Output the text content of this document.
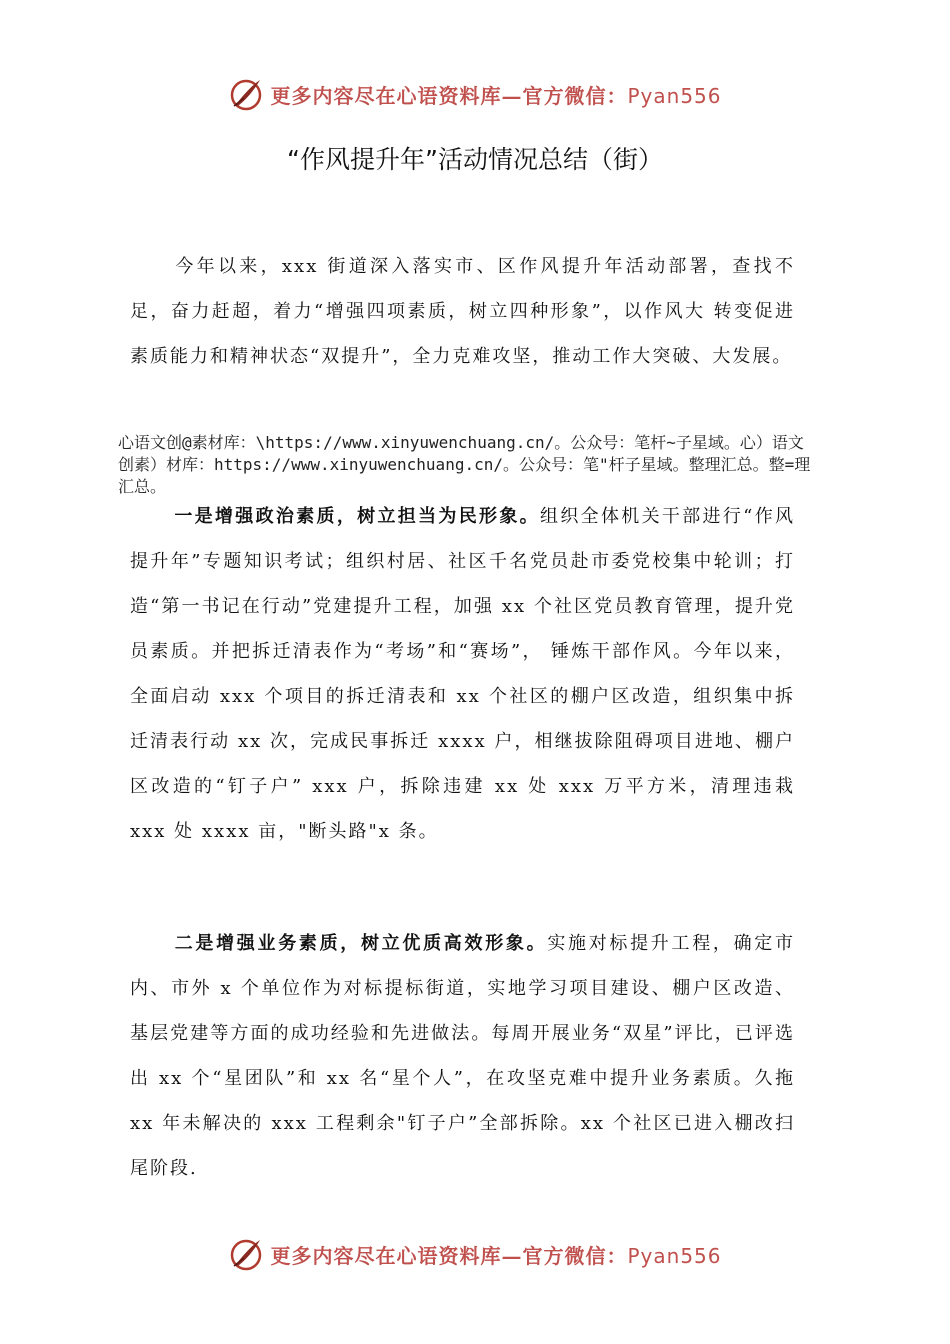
更多内容尽在心语资料库—官方微信：Pyan556
“作风提升年”活动情况总结（街）

今年以来，xxx 街道深入落实市、区作风提升年活动部署，查找不足，奋力赶超，着力“增强四项素质，树立四种形象”，以作风大 转变促进素质能力和精神状态“双提升”，全力克难攻坚，推动工作大突破、大发展。

心语文创@素材库：\https://www.xinyuwenchuang.cn/。公众号：笔杆~子星域。心）语文创素）材库：https://www.xinyuwenchuang.cn/。公众号：笔"杆子星域。整理汇总。整=理汇总。

一是增强政治素质，树立担当为民形象。组织全体机关干部进行“作风提升年”专题知识考试；组织村居、社区千名党员赴市委党校集中轮训；打造“第一书记在行动”党建提升工程，加强 xx 个社区党员教育管理，提升党员素质。并把拆迁清表作为“考场”和“赛场”， 锤炼干部作风。今年以来，全面启动 xxx 个项目的拆迁清表和 xx 个社区的棚户区改造，组织集中拆迁清表行动 xx 次，完成民事拆迁 xxxx 户，相继拔除阻碍项目进地、棚户区改造的“钉子户” xxx 户，拆除违建 xx 处 xxx 万平方米，清理违栽 xxx 处 xxxx 亩，"断头路"x 条。

二是增强业务素质，树立优质高效形象。实施对标提升工程，确定市内、市外 x 个单位作为对标提标街道，实地学习项目建设、棚户区改造、基层党建等方面的成功经验和先进做法。每周开展业务“双星”评比，已评选出 xx 个“星团队”和 xx 名“星个人”，在攻坚克难中提升业务素质。久拖 xx 年未解决的 xxx 工程剩余"钉子户”全部拆除。xx 个社区已进入棚改扫尾阶段.

更多内容尽在心语资料库—官方微信：Pyan556
